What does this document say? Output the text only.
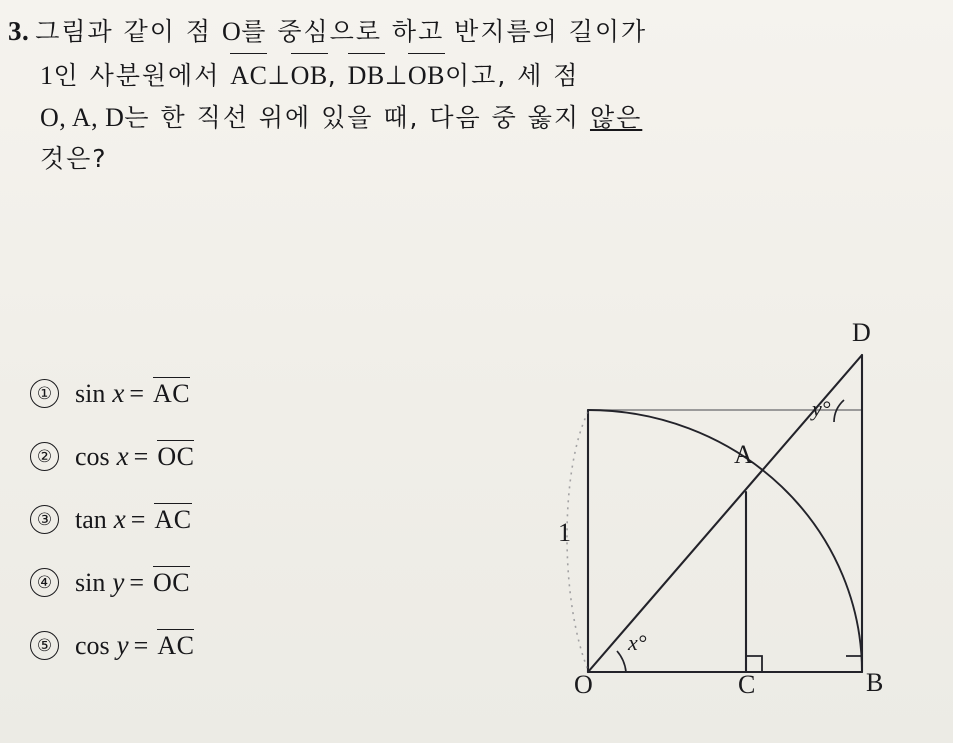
3. 그림과 같이 점 O 를 중심으로 하고 반지름의 길이가
1 인 사분원에서 AC ⊥ OB , DB ⊥ OB 이고, 세 점
O, A, D 는 한 직선 위에 있을 때, 다음 중 옳지 않은
것은?
① sin x = AC
② cos x = OC
③ tan x = AC
④ sin y = OC
⑤ cos y = AC
O	C	B
A
D
1
x°
y°
